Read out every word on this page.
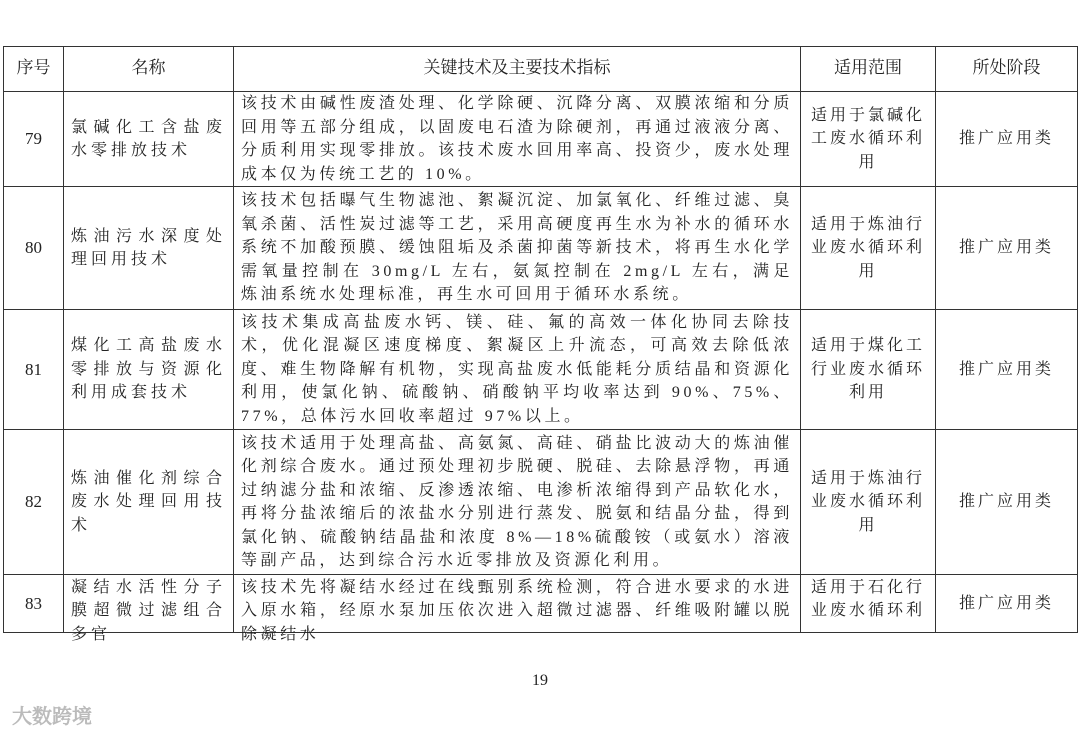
序号	名称	关键技术及主要技术指标	适用范围	所处阶段
79	氯碱化工含盐废水零排放技术	该技术由碱性废渣处理、化学除硬、沉降分离、双膜浓缩和分质回用等五部分组成，以固废电石渣为除硬剂，再通过液液分离、分质利用实现零排放。该技术废水回用率高、投资少，废水处理成本仅为传统工艺的 10%。	适用于氯碱化工废水循环利用	推广应用类
80	炼油污水深度处理回用技术	该技术包括曝气生物滤池、絮凝沉淀、加氯氧化、纤维过滤、臭氧杀菌、活性炭过滤等工艺，采用高硬度再生水为补水的循环水系统不加酸预膜、缓蚀阻垢及杀菌抑菌等新技术，将再生水化学需氧量控制在 30mg/L 左右，氨氮控制在 2mg/L 左右，满足炼油系统水处理标准，再生水可回用于循环水系统。	适用于炼油行业废水循环利用	推广应用类
81	煤化工高盐废水零排放与资源化利用成套技术	该技术集成高盐废水钙、镁、硅、氟的高效一体化协同去除技术，优化混凝区速度梯度、絮凝区上升流态，可高效去除低浓度、难生物降解有机物，实现高盐废水低能耗分质结晶和资源化利用，使氯化钠、硫酸钠、硝酸钠平均收率达到 90%、75%、77%，总体污水回收率超过 97%以上。	适用于煤化工行业废水循环利用	推广应用类
82	炼油催化剂综合废水处理回用技术	该技术适用于处理高盐、高氨氮、高硅、硝盐比波动大的炼油催化剂综合废水。通过预处理初步脱硬、脱硅、去除悬浮物，再通过纳滤分盐和浓缩、反渗透浓缩、电渗析浓缩得到产品软化水，再将分盐浓缩后的浓盐水分别进行蒸发、脱氨和结晶分盐，得到氯化钠、硫酸钠结晶盐和浓度 8%—18%硫酸铵（或氨水）溶液等副产品，达到综合污水近零排放及资源化利用。	适用于炼油行业废水循环利用	推广应用类
83	凝结水活性分子膜超微过滤组合多官	该技术先将凝结水经过在线甄别系统检测，符合进水要求的水进入原水箱，经原水泵加压依次进入超微过滤器、纤维吸附罐以脱除凝结水	适用于石化行业废水循环利	推广应用类
19
大数跨境
